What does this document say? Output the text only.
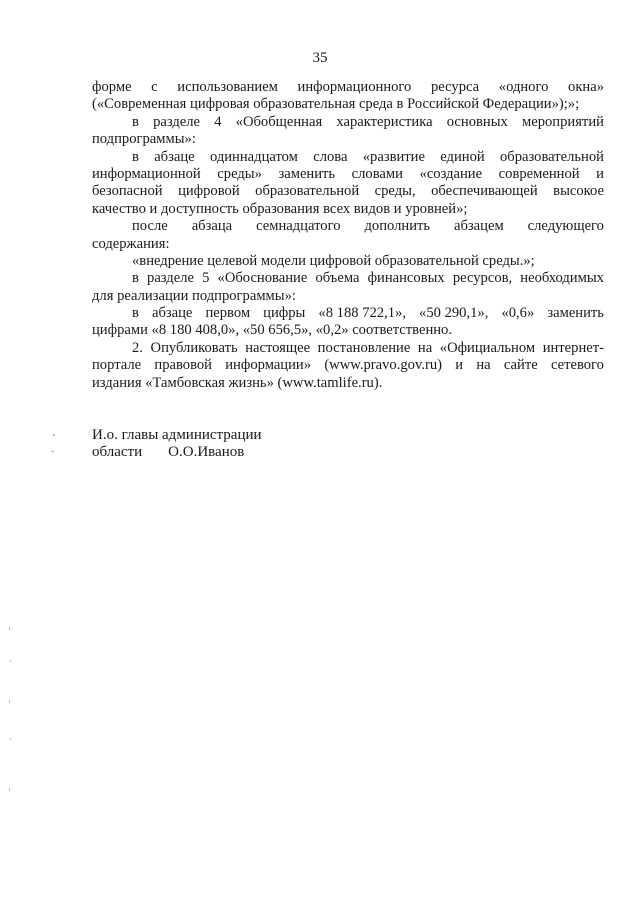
35
форме с использованием информационного ресурса «одного окна»
(«Современная цифровая образовательная среда в Российской Федерации»);»;
в разделе 4 «Обобщенная характеристика основных мероприятий
подпрограммы»:
в абзаце одиннадцатом слова «развитие единой образовательной
информационной среды» заменить словами «создание современной и
безопасной цифровой образовательной среды, обеспечивающей высокое
качество и доступность образования всех видов и уровней»;
после абзаца семнадцатого дополнить абзацем следующего
содержания:
«внедрение целевой модели цифровой образовательной среды.»;
в разделе 5 «Обоснование объема финансовых ресурсов, необходимых
для реализации подпрограммы»:
в абзаце первом цифры «8 188 722,1», «50 290,1», «0,6» заменить
цифрами «8 180 408,0», «50 656,5», «0,2» соответственно.
2. Опубликовать настоящее постановление на «Официальном интернет-
портале правовой информации» (www.pravo.gov.ru) и на сайте сетевого
издания «Тамбовская жизнь» (www.tamlife.ru).
И.о. главы администрации
области О.О.Иванов
